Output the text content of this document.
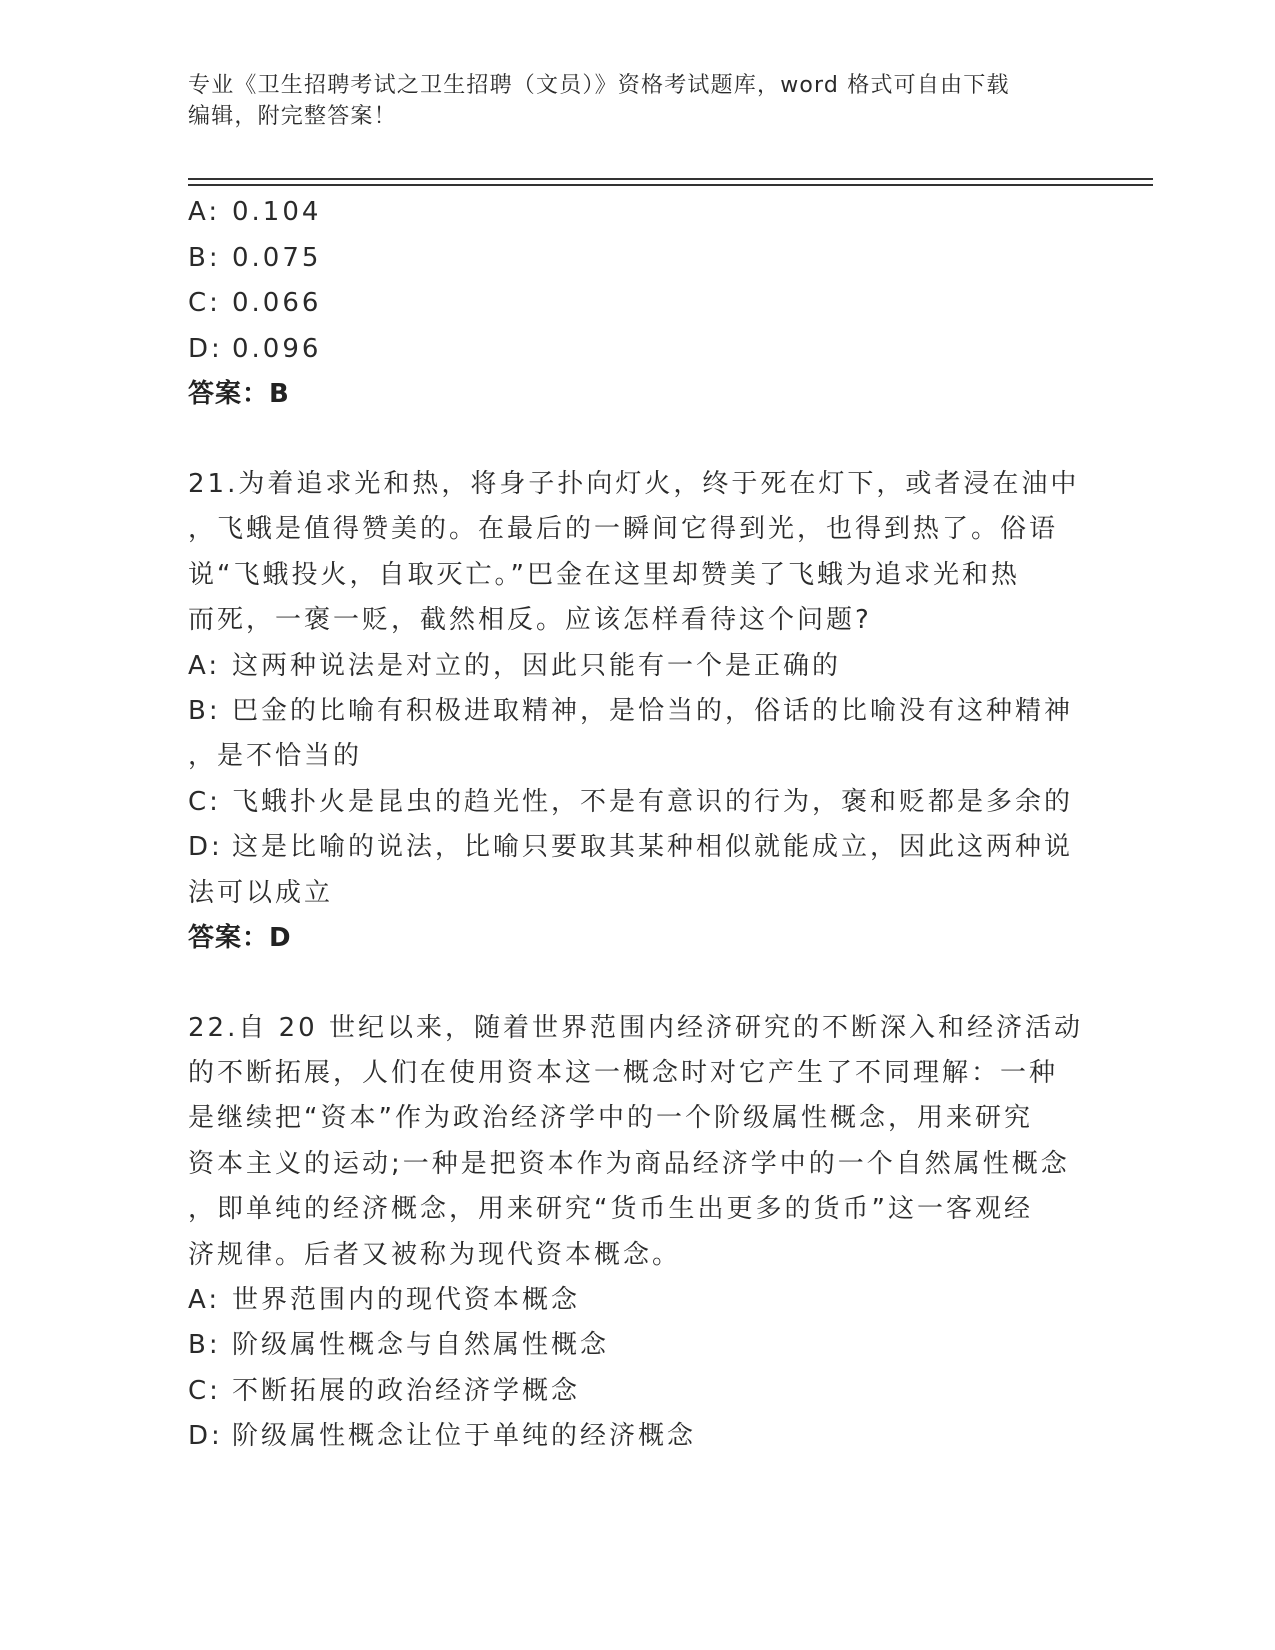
专业《卫生招聘考试之卫生招聘（文员）》资格考试题库，word 格式可自由下载
编辑，附完整答案！
A: 0.104
B: 0.075
C: 0.066
D: 0.096
答案：B
21.为着追求光和热，将身子扑向灯火，终于死在灯下，或者浸在油中
，飞蛾是值得赞美的。在最后的一瞬间它得到光，也得到热了。俗语
说“飞蛾投火，自取灭亡。”巴金在这里却赞美了飞蛾为追求光和热
而死，一褒一贬，截然相反。应该怎样看待这个问题?
A: 这两种说法是对立的，因此只能有一个是正确的
B: 巴金的比喻有积极进取精神，是恰当的，俗话的比喻没有这种精神
，是不恰当的
C: 飞蛾扑火是昆虫的趋光性，不是有意识的行为，褒和贬都是多余的
D: 这是比喻的说法，比喻只要取其某种相似就能成立，因此这两种说
法可以成立
答案：D
22.自 20 世纪以来，随着世界范围内经济研究的不断深入和经济活动
的不断拓展，人们在使用资本这一概念时对它产生了不同理解：一种
是继续把“资本”作为政治经济学中的一个阶级属性概念，用来研究
资本主义的运动;一种是把资本作为商品经济学中的一个自然属性概念
，即单纯的经济概念，用来研究“货币生出更多的货币”这一客观经
济规律。后者又被称为现代资本概念。
A: 世界范围内的现代资本概念
B: 阶级属性概念与自然属性概念
C: 不断拓展的政治经济学概念
D: 阶级属性概念让位于单纯的经济概念
